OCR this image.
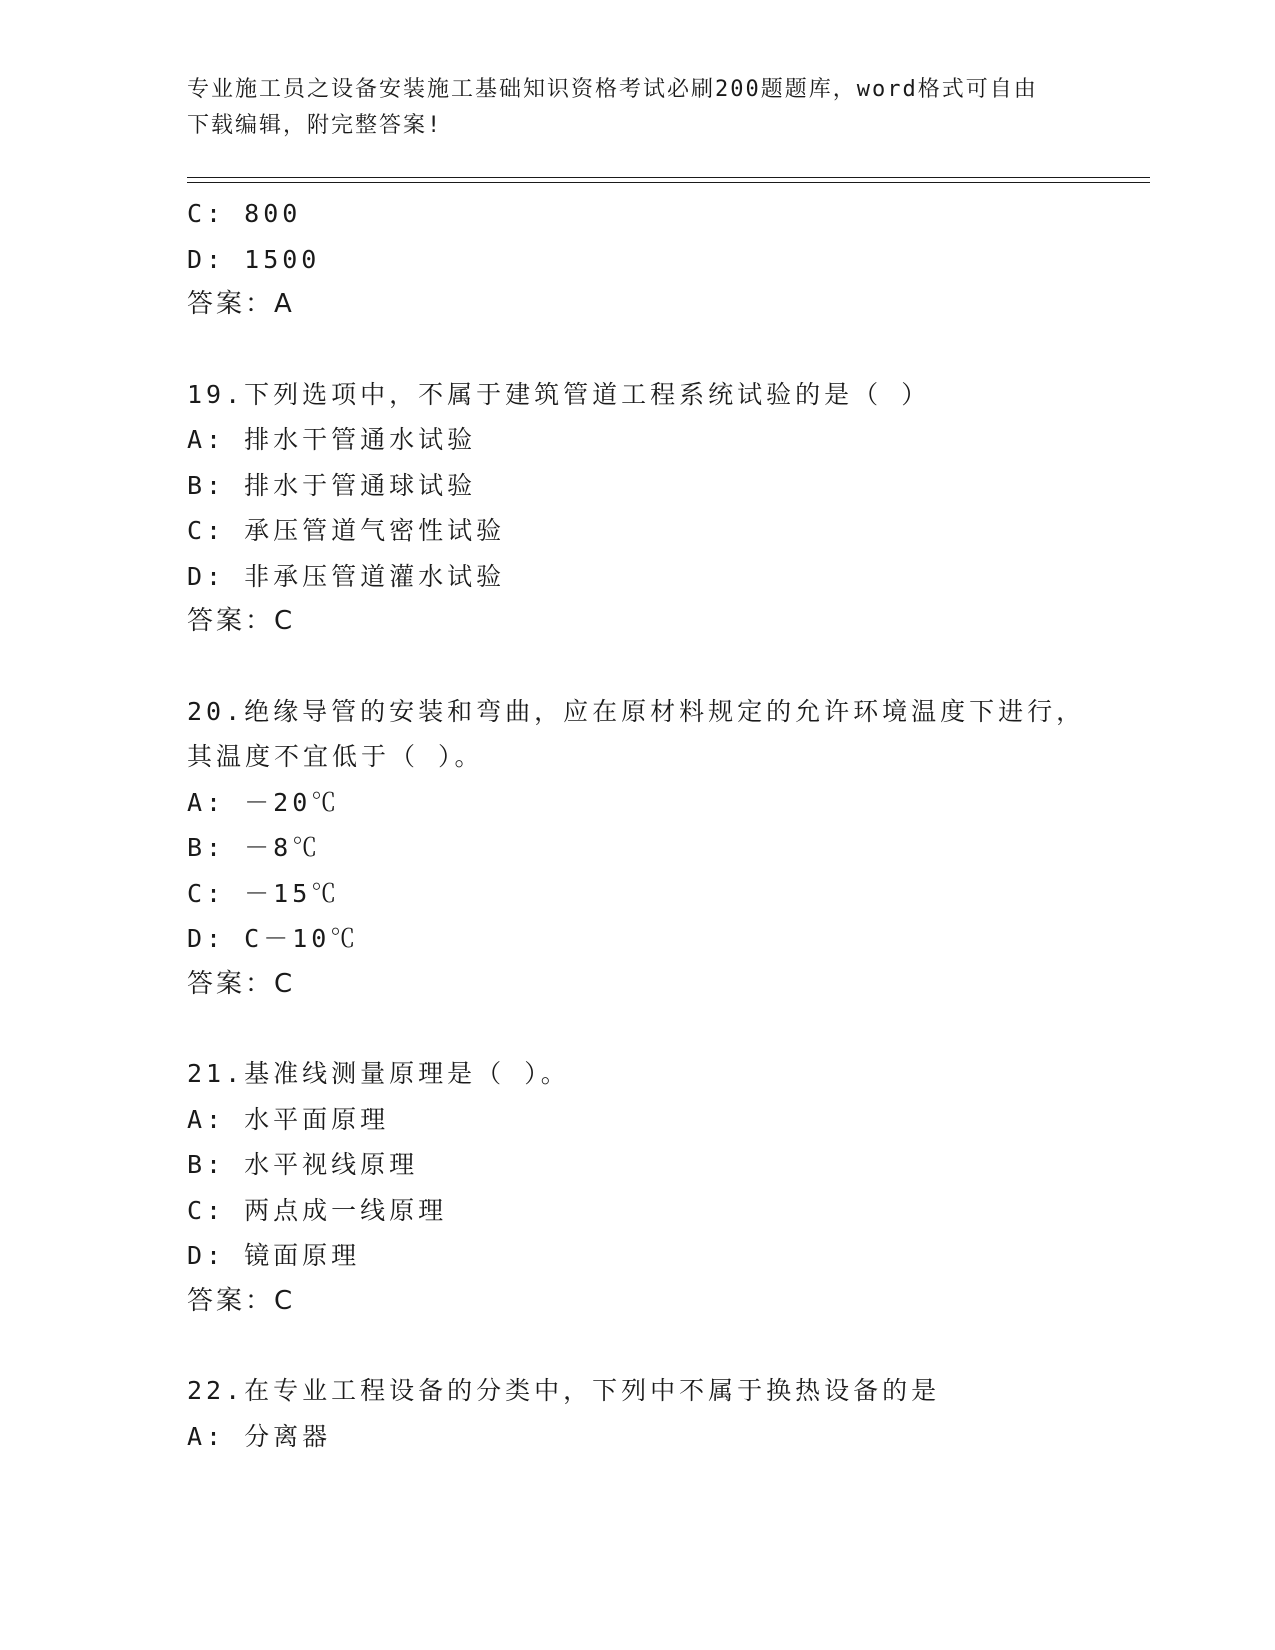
专业施工员之设备安装施工基础知识资格考试必刷200题题库，word格式可自由
下载编辑，附完整答案!
C: 800
D: 1500
答案：A
19.下列选项中，不属于建筑管道工程系统试验的是（ ）
A: 排水干管通水试验
B: 排水于管通球试验
C: 承压管道气密性试验
D: 非承压管道灌水试验
答案：C
20.绝缘导管的安装和弯曲，应在原材料规定的允许环境温度下进行，
其温度不宜低于（ ）。
A: －20℃
B: －8℃
C: －15℃
D: C－10℃
答案：C
21.基准线测量原理是（ ）。
A: 水平面原理
B: 水平视线原理
C: 两点成一线原理
D: 镜面原理
答案：C
22.在专业工程设备的分类中，下列中不属于换热设备的是
A: 分离器
